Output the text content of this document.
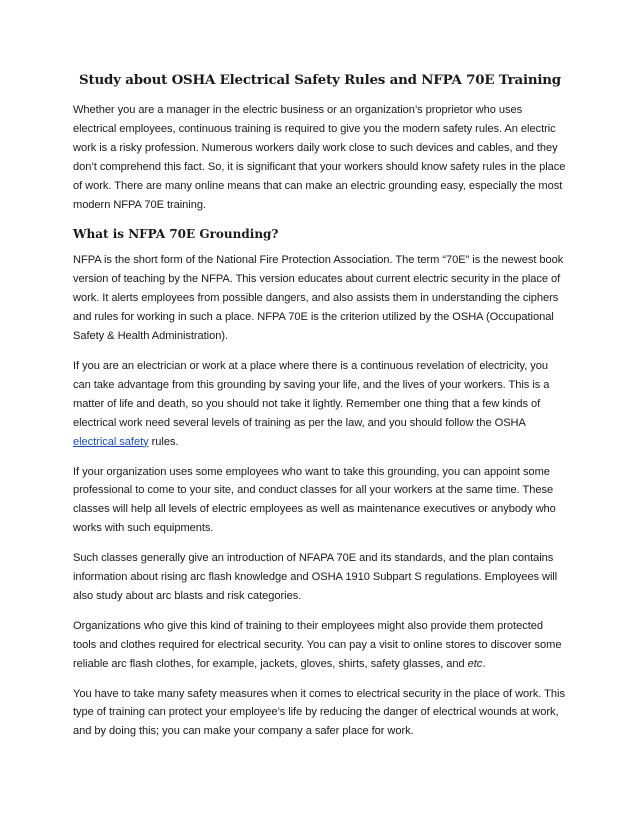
Study about OSHA Electrical Safety Rules and NFPA 70E Training

Whether you are a manager in the electric business or an organization’s proprietor who uses electrical employees, continuous training is required to give you the modern safety rules. An electric work is a risky profession. Numerous workers daily work close to such devices and cables, and they don’t comprehend this fact. So, it is significant that your workers should know safety rules in the place of work. There are many online means that can make an electric grounding easy, especially the most modern NFPA 70E training.

What is NFPA 70E Grounding?

NFPA is the short form of the National Fire Protection Association. The term “70E” is the newest book version of teaching by the NFPA. This version educates about current electric security in the place of work. It alerts employees from possible dangers, and also assists them in understanding the ciphers and rules for working in such a place. NFPA 70E is the criterion utilized by the OSHA (Occupational Safety & Health Administration).

If you are an electrician or work at a place where there is a continuous revelation of electricity, you can take advantage from this grounding by saving your life, and the lives of your workers. This is a matter of life and death, so you should not take it lightly. Remember one thing that a few kinds of electrical work need several levels of training as per the law, and you should follow the OSHA electrical safety rules.

If your organization uses some employees who want to take this grounding, you can appoint some professional to come to your site, and conduct classes for all your workers at the same time. These classes will help all levels of electric employees as well as maintenance executives or anybody who works with such equipments.

Such classes generally give an introduction of NFAPA 70E and its standards, and the plan contains information about rising arc flash knowledge and OSHA 1910 Subpart S regulations. Employees will also study about arc blasts and risk categories.

Organizations who give this kind of training to their employees might also provide them protected tools and clothes required for electrical security. You can pay a visit to online stores to discover some reliable arc flash clothes, for example, jackets, gloves, shirts, safety glasses, and etc.

You have to take many safety measures when it comes to electrical security in the place of work. This type of training can protect your employee’s life by reducing the danger of electrical wounds at work, and by doing this; you can make your company a safer place for work.
